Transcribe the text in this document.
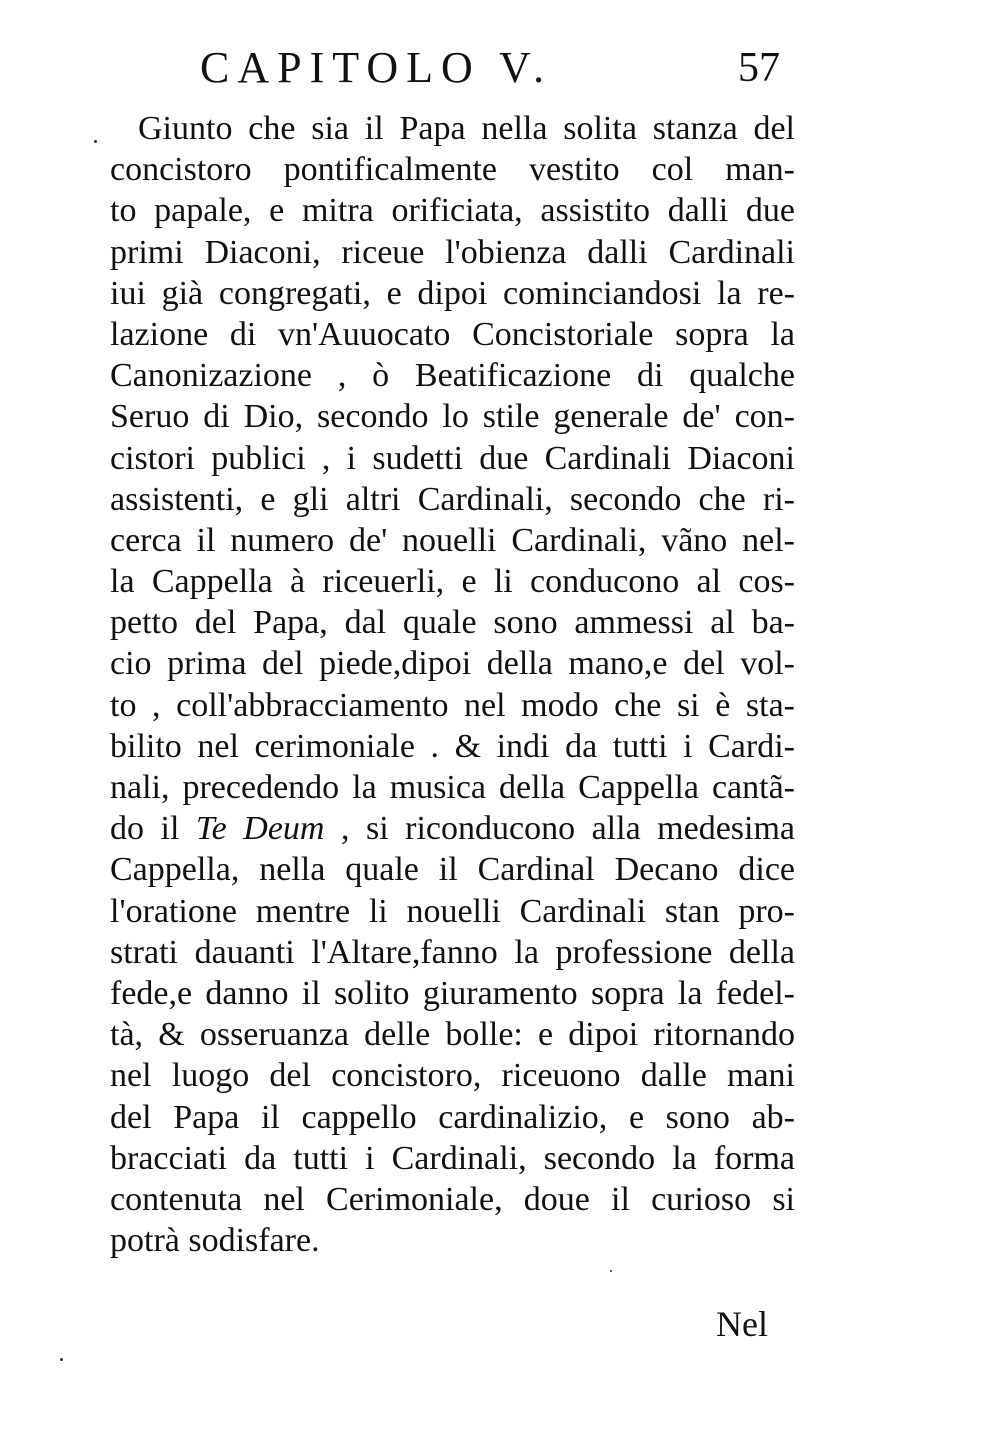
CAPITOLO V.	57
Giunto che sia il Papa nella solita stanza del
concistoro pontificalmente vestito col man-
to papale, e mitra orificiata, assistito dalli due
primi Diaconi, riceue l'obienza dalli Cardinali
iui già congregati, e dipoi cominciandosi la re-
lazione di vn'Auuocato Concistoriale sopra la
Canonizazione , ò Beatificazione di qualche
Seruo di Dio, secondo lo stile generale de' con-
cistori publici , i sudetti due Cardinali Diaconi
assistenti, e gli altri Cardinali, secondo che ri-
cerca il numero de' nouelli Cardinali, vãno nel-
la Cappella à riceuerli, e li conducono al cos-
petto del Papa, dal quale sono ammessi al ba-
cio prima del piede,dipoi della mano,e del vol-
to , coll'abbracciamento nel modo che si è sta-
bilito nel cerimoniale . & indi da tutti i Cardi-
nali, precedendo la musica della Cappella cantã-
do il Te Deum , si riconducono alla medesima
Cappella, nella quale il Cardinal Decano dice
l'oratione mentre li nouelli Cardinali stan pro-
strati dauanti l'Altare,fanno la professione della
fede,e danno il solito giuramento sopra la fedel-
tà, & osseruanza delle bolle: e dipoi ritornando
nel luogo del concistoro, riceuono dalle mani
del Papa il cappello cardinalizio, e sono ab-
bracciati da tutti i Cardinali, secondo la forma
contenuta nel Cerimoniale, doue il curioso si
potrà sodisfare.
Nel
